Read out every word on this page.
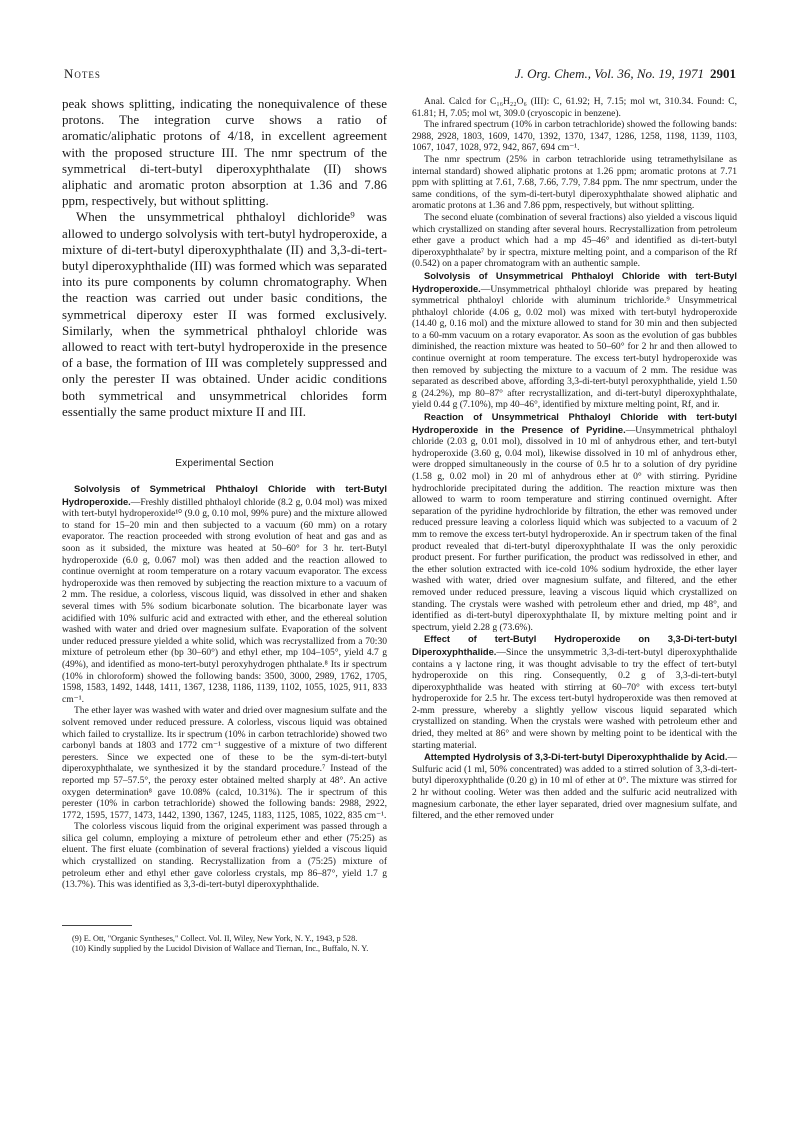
Notes	J. Org. Chem., Vol. 36, No. 19, 1971 2901

peak shows splitting, indicating the nonequivalence of these protons. The integration curve shows a ratio of aromatic/aliphatic protons of 4/18, in excellent agreement with the proposed structure III. The nmr spectrum of the symmetrical di-tert-butyl diperoxyphthalate (II) shows aliphatic and aromatic proton absorption at 1.36 and 7.86 ppm, respectively, but without splitting.

When the unsymmetrical phthaloyl dichloride⁹ was allowed to undergo solvolysis with tert-butyl hydroperoxide, a mixture of di-tert-butyl diperoxyphthalate (II) and 3,3-di-tert-butyl diperoxyphthalide (III) was formed which was separated into its pure components by column chromatography. When the reaction was carried out under basic conditions, the symmetrical diperoxy ester II was formed exclusively. Similarly, when the symmetrical phthaloyl chloride was allowed to react with tert-butyl hydroperoxide in the presence of a base, the formation of III was completely suppressed and only the perester II was obtained. Under acidic conditions both symmetrical and unsymmetrical chlorides form essentially the same product mixture II and III.

Experimental Section

Solvolysis of Symmetrical Phthaloyl Chloride with tert-Butyl Hydroperoxide.—Freshly distilled phthaloyl chloride (8.2 g, 0.04 mol) was mixed with tert-butyl hydroperoxide¹⁰ (9.0 g, 0.10 mol, 99% pure) and the mixture allowed to stand for 15–20 min and then subjected to a vacuum (60 mm) on a rotary evaporator. The reaction proceeded with strong evolution of heat and gas and as soon as it subsided, the mixture was heated at 50–60° for 3 hr. tert-Butyl hydroperoxide (6.0 g, 0.067 mol) was then added and the reaction allowed to continue overnight at room temperature on a rotary vacuum evaporator. The excess hydroperoxide was then removed by subjecting the reaction mixture to a vacuum of 2 mm. The residue, a colorless, viscous liquid, was dissolved in ether and shaken several times with 5% sodium bicarbonate solution. The bicarbonate layer was acidified with 10% sulfuric acid and extracted with ether, and the ethereal solution washed with water and dried over magnesium sulfate. Evaporation of the solvent under reduced pressure yielded a white solid, which was recrystallized from a 70:30 mixture of petroleum ether (bp 30–60°) and ethyl ether, mp 104–105°, yield 4.7 g (49%), and identified as mono-tert-butyl peroxyhydrogen phthalate.⁸ Its ir spectrum (10% in chloroform) showed the following bands: 3500, 3000, 2989, 1762, 1705, 1598, 1583, 1492, 1448, 1411, 1367, 1238, 1186, 1139, 1102, 1055, 1025, 911, 833 cm⁻¹.

The ether layer was washed with water and dried over magnesium sulfate and the solvent removed under reduced pressure. A colorless, viscous liquid was obtained which failed to crystallize. Its ir spectrum (10% in carbon tetrachloride) showed two carbonyl bands at 1803 and 1772 cm⁻¹ suggestive of a mixture of two different peresters. Since we expected one of these to be the sym-di-tert-butyl diperoxyphthalate, we synthesized it by the standard procedure.⁷ Instead of the reported mp 57–57.5°, the peroxy ester obtained melted sharply at 48°. An active oxygen determination⁸ gave 10.08% (calcd, 10.31%). The ir spectrum of this perester (10% in carbon tetrachloride) showed the following bands: 2988, 2922, 1772, 1595, 1577, 1473, 1442, 1390, 1367, 1245, 1183, 1125, 1085, 1022, 835 cm⁻¹.

The colorless viscous liquid from the original experiment was passed through a silica gel column, employing a mixture of petroleum ether and ether (75:25) as eluent. The first eluate (combination of several fractions) yielded a viscous liquid which crystallized on standing. Recrystallization from a (75:25) mixture of petroleum ether and ethyl ether gave colorless crystals, mp 86–87°, yield 1.7 g (13.7%). This was identified as 3,3-di-tert-butyl diperoxyphthalide.

(9) E. Ott, "Organic Syntheses," Collect. Vol. II, Wiley, New York, N. Y., 1943, p 528.

(10) Kindly supplied by the Lucidol Division of Wallace and Tiernan, Inc., Buffalo, N. Y.

Anal. Calcd for C₁₆H₂₂O₆ (III): C, 61.92; H, 7.15; mol wt, 310.34. Found: C, 61.81; H, 7.05; mol wt, 309.0 (cryoscopic in benzene).

The infrared spectrum (10% in carbon tetrachloride) showed the following bands: 2988, 2928, 1803, 1609, 1470, 1392, 1370, 1347, 1286, 1258, 1198, 1139, 1103, 1067, 1047, 1028, 972, 942, 867, 694 cm⁻¹.

The nmr spectrum (25% in carbon tetrachloride using tetramethylsilane as internal standard) showed aliphatic protons at 1.26 ppm; aromatic protons at 7.71 ppm with splitting at 7.61, 7.68, 7.66, 7.79, 7.84 ppm. The nmr spectrum, under the same conditions, of the sym-di-tert-butyl diperoxyphthalate showed aliphatic and aromatic protons at 1.36 and 7.86 ppm, respectively, but without splitting.

The second eluate (combination of several fractions) also yielded a viscous liquid which crystallized on standing after several hours. Recrystallization from petroleum ether gave a product which had a mp 45–46° and identified as di-tert-butyl diperoxyphthalate⁷ by ir spectra, mixture melting point, and a comparison of the Rf (0.542) on a paper chromatogram with an authentic sample.

Solvolysis of Unsymmetrical Phthaloyl Chloride with tert-Butyl Hydroperoxide.—Unsymmetrical phthaloyl chloride was prepared by heating symmetrical phthaloyl chloride with aluminum trichloride.⁹ Unsymmetrical phthaloyl chloride (4.06 g, 0.02 mol) was mixed with tert-butyl hydroperoxide (14.40 g, 0.16 mol) and the mixture allowed to stand for 30 min and then subjected to a 60-mm vacuum on a rotary evaporator. As soon as the evolution of gas bubbles diminished, the reaction mixture was heated to 50–60° for 2 hr and then allowed to continue overnight at room temperature. The excess tert-butyl hydroperoxide was then removed by subjecting the mixture to a vacuum of 2 mm. The residue was separated as described above, affording 3,3-di-tert-butyl peroxyphthalide, yield 1.50 g (24.2%), mp 80–87° after recrystallization, and di-tert-butyl diperoxyphthalate, yield 0.44 g (7.10%), mp 40–46°, identified by mixture melting point, Rf, and ir.

Reaction of Unsymmetrical Phthaloyl Chloride with tert-butyl Hydroperoxide in the Presence of Pyridine.—Unsymmetrical phthaloyl chloride (2.03 g, 0.01 mol), dissolved in 10 ml of anhydrous ether, and tert-butyl hydroperoxide (3.60 g, 0.04 mol), likewise dissolved in 10 ml of anhydrous ether, were dropped simultaneously in the course of 0.5 hr to a solution of dry pyridine (1.58 g, 0.02 mol) in 20 ml of anhydrous ether at 0° with stirring. Pyridine hydrochloride precipitated during the addition. The reaction mixture was then allowed to warm to room temperature and stirring continued overnight. After separation of the pyridine hydrochloride by filtration, the ether was removed under reduced pressure leaving a colorless liquid which was subjected to a vacuum of 2 mm to remove the excess tert-butyl hydroperoxide. An ir spectrum taken of the final product revealed that di-tert-butyl diperoxyphthalate II was the only peroxidic product present. For further purification, the product was redissolved in ether, and the ether solution extracted with ice-cold 10% sodium hydroxide, the ether layer washed with water, dried over magnesium sulfate, and filtered, and the ether removed under reduced pressure, leaving a viscous liquid which crystallized on standing. The crystals were washed with petroleum ether and dried, mp 48°, and identified as di-tert-butyl diperoxyphthalate II, by mixture melting point and ir spectrum, yield 2.28 g (73.6%).

Effect of tert-Butyl Hydroperoxide on 3,3-Di-tert-butyl Diperoxyphthalide.—Since the unsymmetric 3,3-di-tert-butyl diperoxyphthalide contains a γ lactone ring, it was thought advisable to try the effect of tert-butyl hydroperoxide on this ring. Consequently, 0.2 g of 3,3-di-tert-butyl diperoxyphthalide was heated with stirring at 60–70° with excess tert-butyl hydroperoxide for 2.5 hr. The excess tert-butyl hydroperoxide was then removed at 2-mm pressure, whereby a slightly yellow viscous liquid separated which crystallized on standing. When the crystals were washed with petroleum ether and dried, they melted at 86° and were shown by melting point to be identical with the starting material.

Attempted Hydrolysis of 3,3-Di-tert-butyl Diperoxyphthalide by Acid.—Sulfuric acid (1 ml, 50% concentrated) was added to a stirred solution of 3,3-di-tert-butyl diperoxyphthalide (0.20 g) in 10 ml of ether at 0°. The mixture was stirred for 2 hr without cooling. Weter was then added and the sulfuric acid neutralized with magnesium carbonate, the ether layer separated, dried over magnesium sulfate, and filtered, and the ether removed under
